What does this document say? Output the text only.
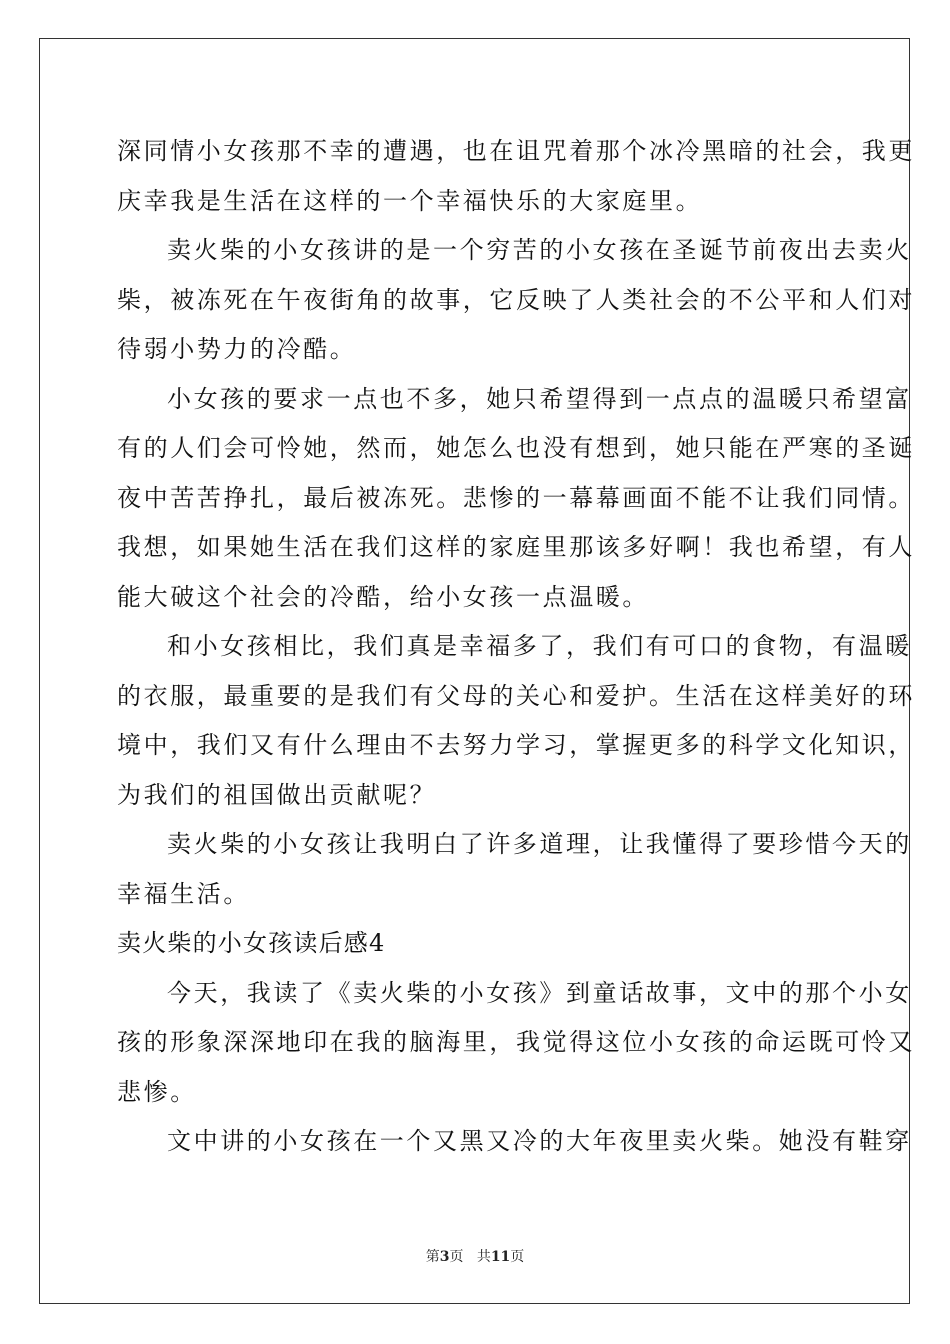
深同情小女孩那不幸的遭遇，也在诅咒着那个冰冷黑暗的社会，我更
庆幸我是生活在这样的一个幸福快乐的大家庭里。
卖火柴的小女孩讲的是一个穷苦的小女孩在圣诞节前夜出去卖火
柴，被冻死在午夜街角的故事，它反映了人类社会的不公平和人们对
待弱小势力的冷酷。
小女孩的要求一点也不多，她只希望得到一点点的温暖只希望富
有的人们会可怜她，然而，她怎么也没有想到，她只能在严寒的圣诞
夜中苦苦挣扎，最后被冻死。悲惨的一幕幕画面不能不让我们同情。
我想，如果她生活在我们这样的家庭里那该多好啊！我也希望，有人
能大破这个社会的冷酷，给小女孩一点温暖。
和小女孩相比，我们真是幸福多了，我们有可口的食物，有温暖
的衣服，最重要的是我们有父母的关心和爱护。生活在这样美好的环
境中，我们又有什么理由不去努力学习，掌握更多的科学文化知识，
为我们的祖国做出贡献呢？
卖火柴的小女孩让我明白了许多道理，让我懂得了要珍惜今天的
幸福生活。
卖火柴的小女孩读后感4
今天，我读了《卖火柴的小女孩》到童话故事，文中的那个小女
孩的形象深深地印在我的脑海里，我觉得这位小女孩的命运既可怜又
悲惨。
文中讲的小女孩在一个又黑又冷的大年夜里卖火柴。她没有鞋穿
第3页 共11页
